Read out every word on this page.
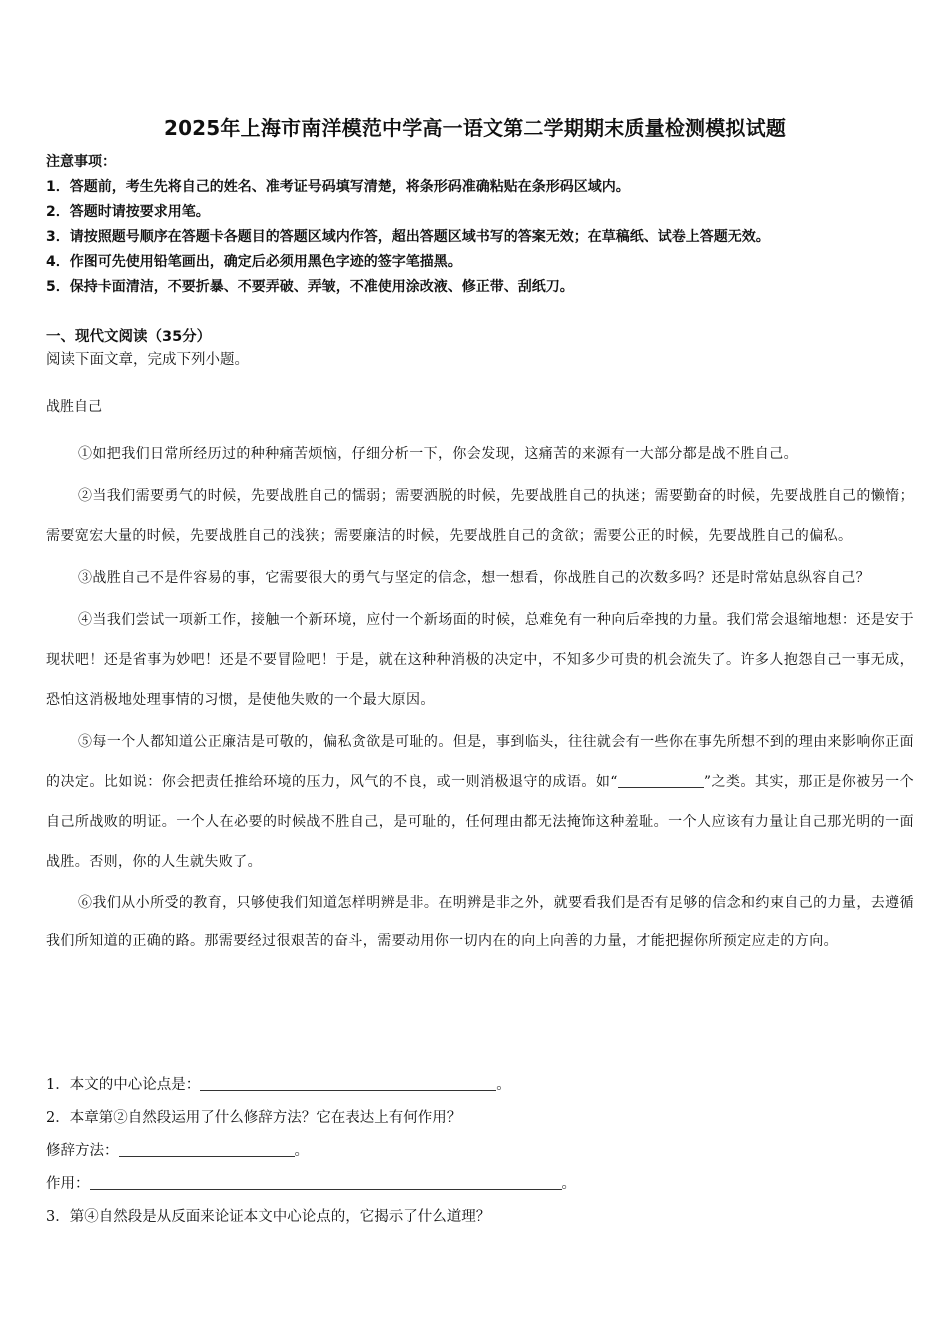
2025年上海市南洋模范中学高一语文第二学期期末质量检测模拟试题
注意事项：
1．答题前，考生先将自己的姓名、准考证号码填写清楚，将条形码准确粘贴在条形码区域内。
2．答题时请按要求用笔。
3．请按照题号顺序在答题卡各题目的答题区域内作答，超出答题区域书写的答案无效；在草稿纸、试卷上答题无效。
4．作图可先使用铅笔画出，确定后必须用黑色字迹的签字笔描黑。
5．保持卡面清洁，不要折暴、不要弄破、弄皱，不准使用涂改液、修正带、刮纸刀。
一、现代文阅读（35分）
阅读下面文章，完成下列小题。
战胜自己

①如把我们日常所经历过的种种痛苦烦恼，仔细分析一下，你会发现，这痛苦的来源有一大部分都是战不胜自己。

②当我们需要勇气的时候，先要战胜自己的懦弱；需要洒脱的时候，先要战胜自己的执迷；需要勤奋的时候，先要战胜自己的懒惰；需要宽宏大量的时候，先要战胜自己的浅狭；需要廉洁的时候，先要战胜自己的贪欲；需要公正的时候，先要战胜自己的偏私。

③战胜自己不是件容易的事，它需要很大的勇气与坚定的信念，想一想看，你战胜自己的次数多吗？还是时常姑息纵容自己？

④当我们尝试一项新工作，接触一个新环境，应付一个新场面的时候，总难免有一种向后牵拽的力量。我们常会退缩地想：还是安于现状吧！还是省事为妙吧！还是不要冒险吧！于是，就在这种种消极的决定中，不知多少可贵的机会流失了。许多人抱怨自己一事无成，恐怕这消极地处理事情的习惯，是使他失败的一个最大原因。

⑤每一个人都知道公正廉洁是可敬的，偏私贪欲是可耻的。但是，事到临头，往往就会有一些你在事先所想不到的理由来影响你正面的决定。比如说：你会把责任推给环境的压力，风气的不良，或一则消极退守的成语。如“	”之类。其实，那正是你被另一个自己所战败的明证。一个人在必要的时候战不胜自己，是可耻的，任何理由都无法掩饰这种羞耻。一个人应该有力量让自己那光明的一面战胜。否则，你的人生就失败了。

⑥我们从小所受的教育，只够使我们知道怎样明辨是非。在明辨是非之外，就要看我们是否有足够的信念和约束自己的力量，去遵循我们所知道的正确的路。那需要经过很艰苦的奋斗，需要动用你一切内在的向上向善的力量，才能把握你所预定应走的方向。

1．本文的中心论点是：	。
2．本章第②自然段运用了什么修辞方法？它在表达上有何作用？
修辞方法：	。
作用：	。
3．第④自然段是从反面来论证本文中心论点的，它揭示了什么道理？
